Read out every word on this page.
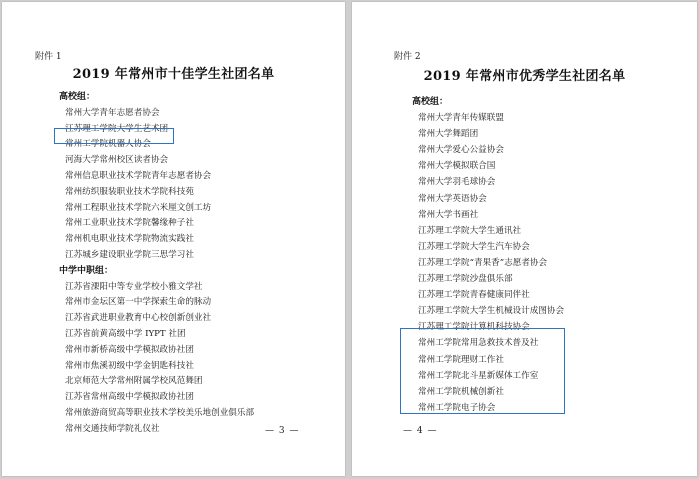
附件 1
2019 年常州市十佳学生社团名单
高校组：
常州大学青年志愿者协会
江苏理工学院大学生艺术团
常州工学院机器人协会
河海大学常州校区读者协会
常州信息职业技术学院青年志愿者协会
常州纺织服装职业技术学院科技苑
常州工程职业技术学院六米厘文创工坊
常州工业职业技术学院馨缘种子社
常州机电职业技术学院物流实践社
江苏城乡建设职业学院三思学习社
中学中职组：
江苏省溧阳中等专业学校小雅文学社
常州市金坛区第一中学探索生命的脉动
江苏省武进职业教育中心校创新创业社
江苏省前黄高级中学 IYPT 社团
常州市新桥高级中学模拟政协社团
常州市焦溪初级中学金钥匙科技社
北京师范大学常州附属学校风范舞团
江苏省常州高级中学模拟政协社团
常州旅游商贸高等职业技术学校美乐地创业俱乐部
常州交通技师学院礼仪社	— 3 —
附件 2
2019 年常州市优秀学生社团名单
高校组：
常州大学青年传媒联盟
常州大学舞蹈团
常州大学爱心公益协会
常州大学模拟联合国
常州大学羽毛球协会
常州大学英语协会
常州大学书画社
江苏理工学院大学生通讯社
江苏理工学院大学生汽车协会
江苏理工学院“青果香”志愿者协会
江苏理工学院沙盘俱乐部
江苏理工学院青春健康同伴社
江苏理工学院大学生机械设计成图协会
江苏理工学院计算机科技协会
常州工学院常用急救技术普及社
常州工学院理财工作社
常州工学院北斗星新媒体工作室
常州工学院机械创新社
常州工学院电子协会
— 4 —
